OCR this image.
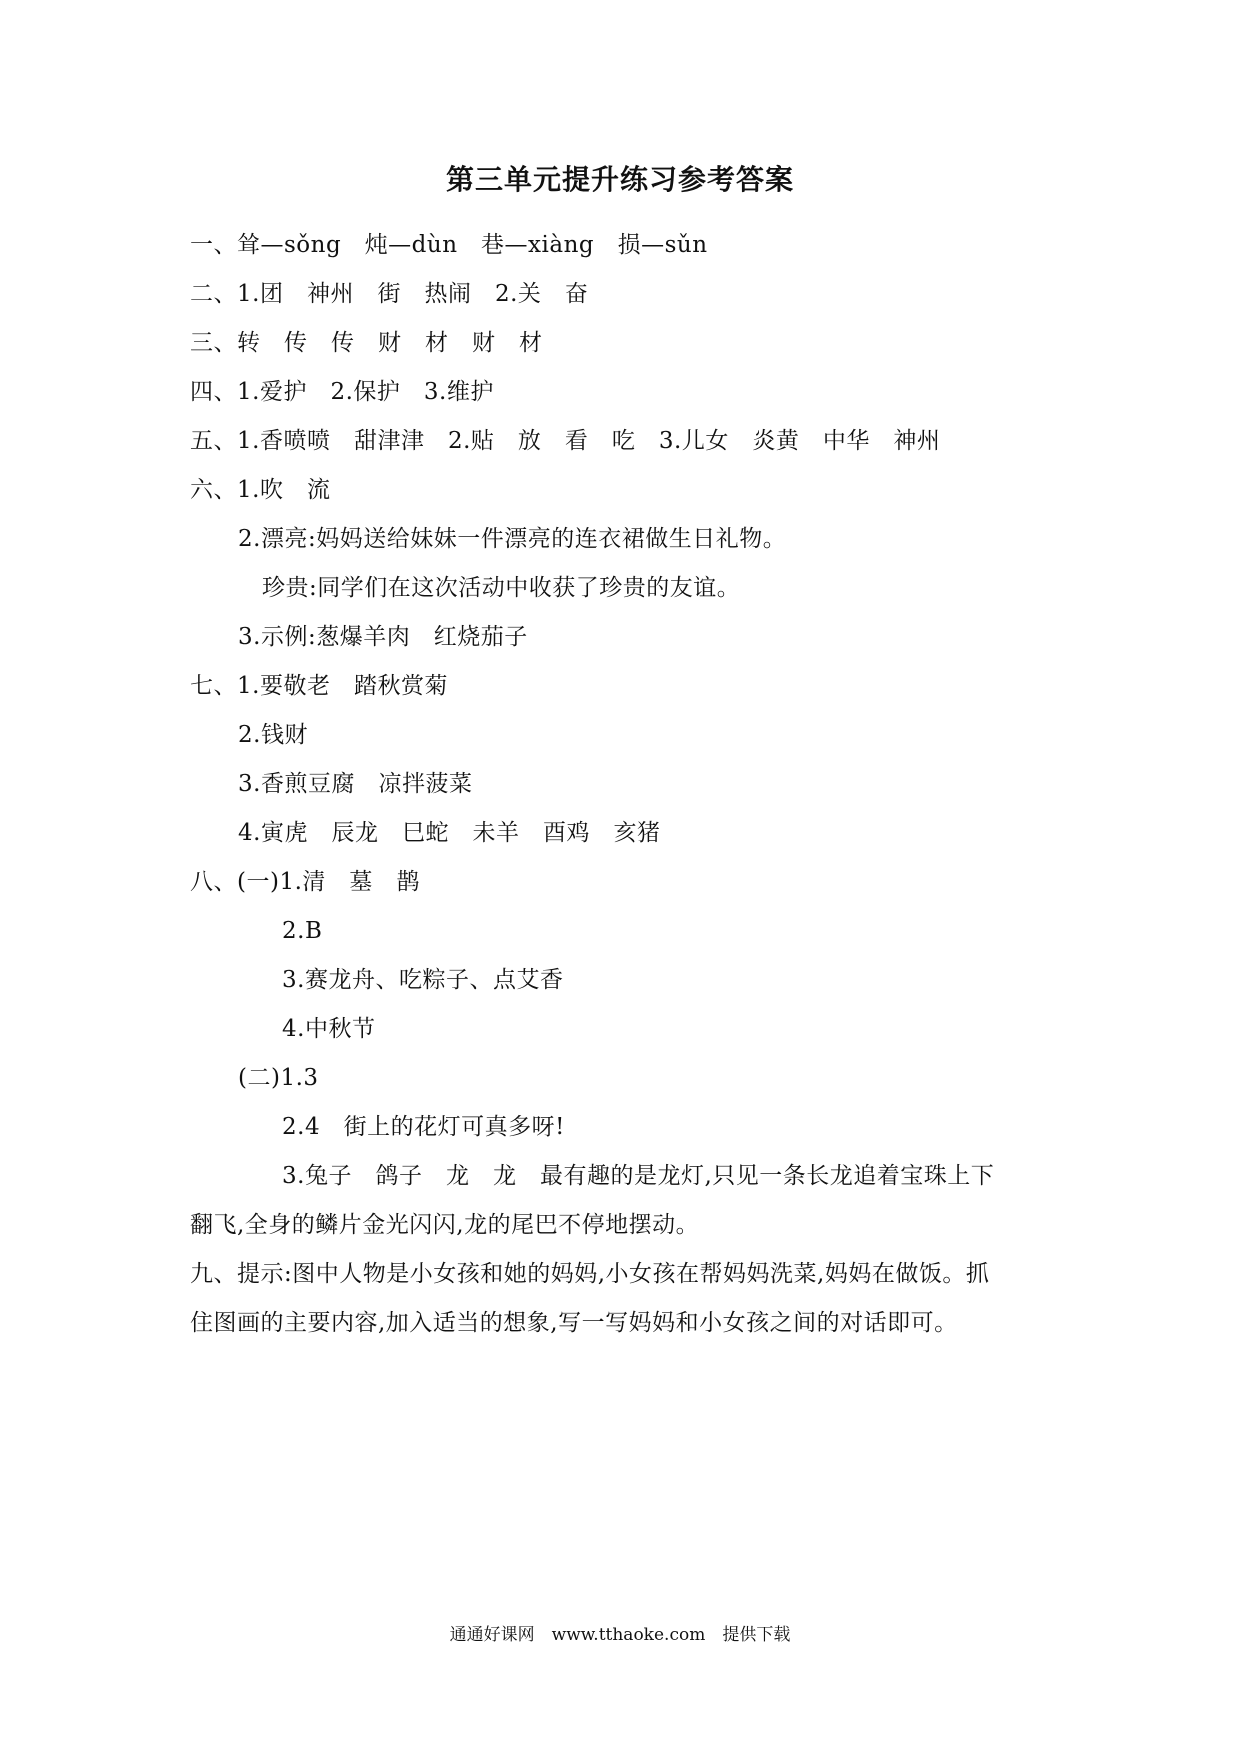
第三单元提升练习参考答案
一、耸—sǒng　炖—dùn　巷—xiàng　损—sǔn
二、1.团　神州　街　热闹　2.关　奋
三、转　传　传　财　材　财　材
四、1.爱护　2.保护　3.维护
五、1.香喷喷　甜津津　2.贴　放　看　吃　3.儿女　炎黄　中华　神州
六、1.吹　流
2.漂亮:妈妈送给妹妹一件漂亮的连衣裙做生日礼物。
珍贵:同学们在这次活动中收获了珍贵的友谊。
3.示例:葱爆羊肉　红烧茄子
七、1.要敬老　踏秋赏菊
2.钱财
3.香煎豆腐　凉拌菠菜
4.寅虎　辰龙　巳蛇　未羊　酉鸡　亥猪
八、(一)1.清　墓　鹊
2.B
3.赛龙舟、吃粽子、点艾香
4.中秋节
(二)1.3
2.4　街上的花灯可真多呀!
3.兔子　鸽子　龙　龙　最有趣的是龙灯,只见一条长龙追着宝珠上下
翻飞,全身的鳞片金光闪闪,龙的尾巴不停地摆动。
九、提示:图中人物是小女孩和她的妈妈,小女孩在帮妈妈洗菜,妈妈在做饭。抓
住图画的主要内容,加入适当的想象,写一写妈妈和小女孩之间的对话即可。
通通好课网　www.tthaoke.com　提供下载
